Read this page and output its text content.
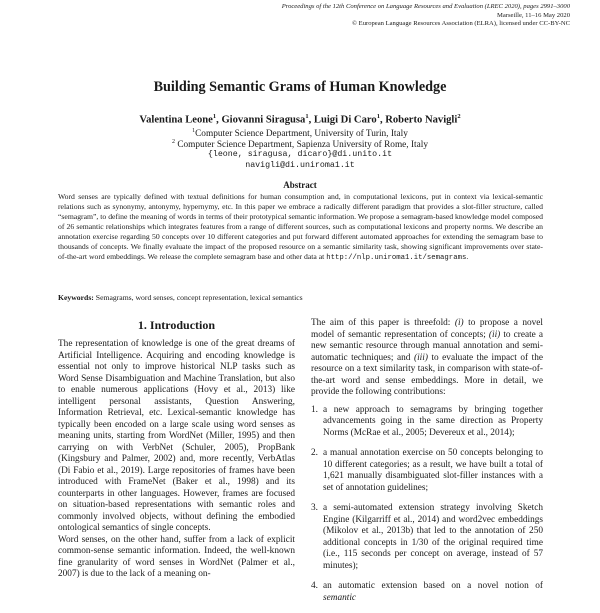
Proceedings of the 12th Conference on Language Resources and Evaluation (LREC 2020), pages 2991–3000
Marseille, 11–16 May 2020
© European Language Resources Association (ELRA), licensed under CC-BY-NC
Building Semantic Grams of Human Knowledge
Valentina Leone$^1$, Giovanni Siragusa$^1$, Luigi Di Caro$^1$, Roberto Navigli$^2$
$^1$Computer Science Department, University of Turin, Italy
$^2$ Computer Science Department, Sapienza University of Rome, Italy
{leone, siragusa, dicaro}@di.unito.it
navigli@di.uniroma1.it
Abstract
Word senses are typically defined with textual definitions for human consumption and, in computational lexicons, put in context via lexical-semantic relations such as synonymy, antonymy, hypernymy, etc. In this paper we embrace a radically different paradigm that provides a slot-filler structure, called “semagram”, to define the meaning of words in terms of their prototypical semantic information. We propose a semagram-based knowledge model composed of 26 semantic relationships which integrates features from a range of different sources, such as computational lexicons and property norms. We describe an annotation exercise regarding 50 concepts over 10 different categories and put forward different automated approaches for extending the semagram base to thousands of concepts. We finally evaluate the impact of the proposed resource on a semantic similarity task, showing significant improvements over state-of-the-art word embeddings. We release the complete semagram base and other data at http://nlp.uniroma1.it/semagrams.
Keywords: Semagrams, word senses, concept representation, lexical semantics
1. Introduction

The representation of knowledge is one of the great dreams of Artificial Intelligence. Acquiring and encoding knowledge is essential not only to improve historical NLP tasks such as Word Sense Disambiguation and Machine Translation, but also to enable numerous applications (Hovy et al., 2013) like intelligent personal assistants, Question Answering, Information Retrieval, etc. Lexical-semantic knowledge has typically been encoded on a large scale using word senses as meaning units, starting from WordNet (Miller, 1995) and then carrying on with VerbNet (Schuler, 2005), PropBank (Kingsbury and Palmer, 2002) and, more recently, VerbAtlas (Di Fabio et al., 2019). Large repositories of frames have been introduced with FrameNet (Baker et al., 1998) and its counterparts in other languages. However, frames are focused on situation-based representations with semantic roles and commonly involved objects, without defining the embodied ontological semantics of single concepts.

Word senses, on the other hand, suffer from a lack of explicit common-sense semantic information. Indeed, the well-known fine granularity of word senses in WordNet (Palmer et al., 2007) is due to the lack of a meaning on-

The aim of this paper is threefold: (i) to propose a novel model of semantic representation of concepts; (ii) to create a new semantic resource through manual annotation and semi-automatic techniques; and (iii) to evaluate the impact of the resource on a text similarity task, in comparison with state-of-the-art word and sense embeddings. More in detail, we provide the following contributions:

1. a new approach to semagrams by bringing together advancements going in the same direction as Property Norms (McRae et al., 2005; Devereux et al., 2014);
2. a manual annotation exercise on 50 concepts belonging to 10 different categories; as a result, we have built a total of 1,621 manually disambiguated slot-filler instances with a set of annotation guidelines;
3. a semi-automated extension strategy involving Sketch Engine (Kilgarriff et al., 2014) and word2vec embeddings (Mikolov et al., 2013b) that led to the annotation of 250 additional concepts in 1/30 of the original required time (i.e., 115 seconds per concept on average, instead of 57 minutes);
4. an automatic extension based on a novel notion of semantic
